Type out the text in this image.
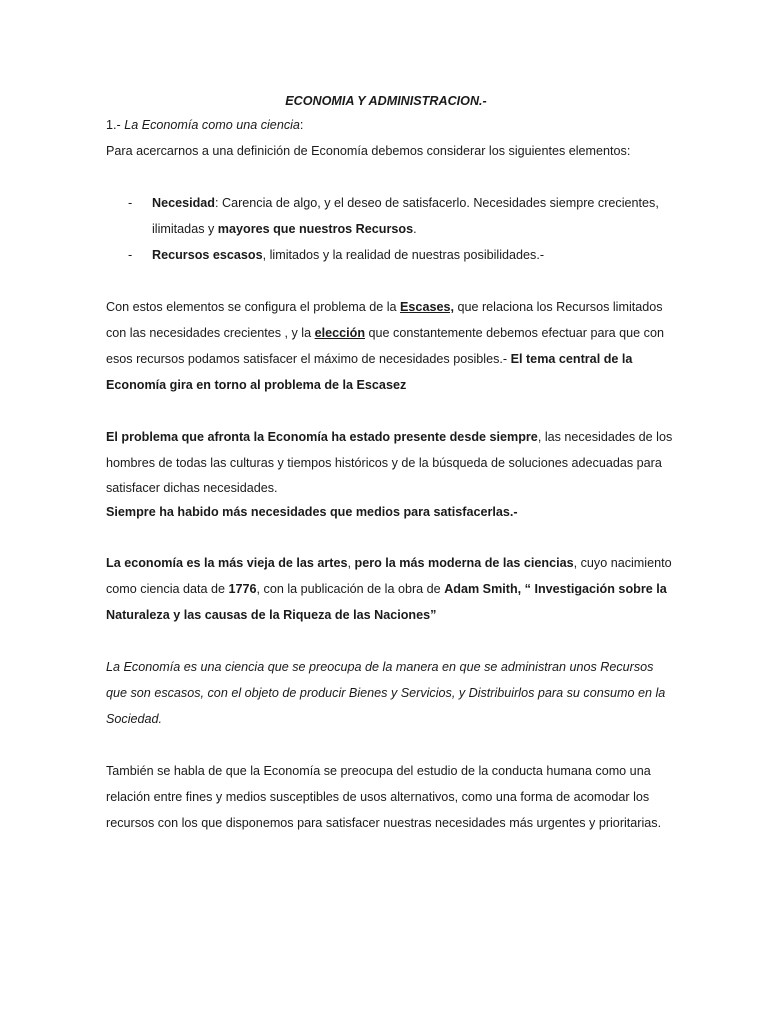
ECONOMIA Y ADMINISTRACION.-

1.- La Economía como una ciencia:

Para acercarnos a una definición de Economía debemos considerar los siguientes elementos:

- Necesidad: Carencia de algo, y el deseo de satisfacerlo. Necesidades siempre crecientes,

ilimitadas y mayores que nuestros Recursos.

- Recursos escasos, limitados y la realidad de nuestras posibilidades.-

Con estos elementos se configura el problema de la Escases, que relaciona los Recursos limitados

con las necesidades crecientes , y la elección que constantemente debemos efectuar para que con

esos recursos podamos satisfacer el máximo de necesidades posibles.- El tema central de la

Economía gira en torno al problema de la Escasez

El problema que afronta la Economía ha estado presente desde siempre, las necesidades de los

hombres de todas las culturas y tiempos históricos y de la búsqueda de soluciones adecuadas para

satisfacer dichas necesidades.

Siempre ha habido más necesidades que medios para satisfacerlas.-

La economía es la más vieja de las artes, pero la más moderna de las ciencias, cuyo nacimiento

como ciencia data de 1776, con la publicación de la obra de Adam Smith, “ Investigación sobre la

Naturaleza y las causas de la Riqueza de las Naciones”

La Economía es una ciencia que se preocupa de la manera en que se administran unos Recursos

que son escasos, con el objeto de producir Bienes y Servicios, y Distribuirlos para su consumo en la

Sociedad.

También se habla de que la Economía se preocupa del estudio de la conducta humana como una

relación entre fines y medios susceptibles de usos alternativos, como una forma de acomodar los

recursos con los que disponemos para satisfacer nuestras necesidades más urgentes y prioritarias.
